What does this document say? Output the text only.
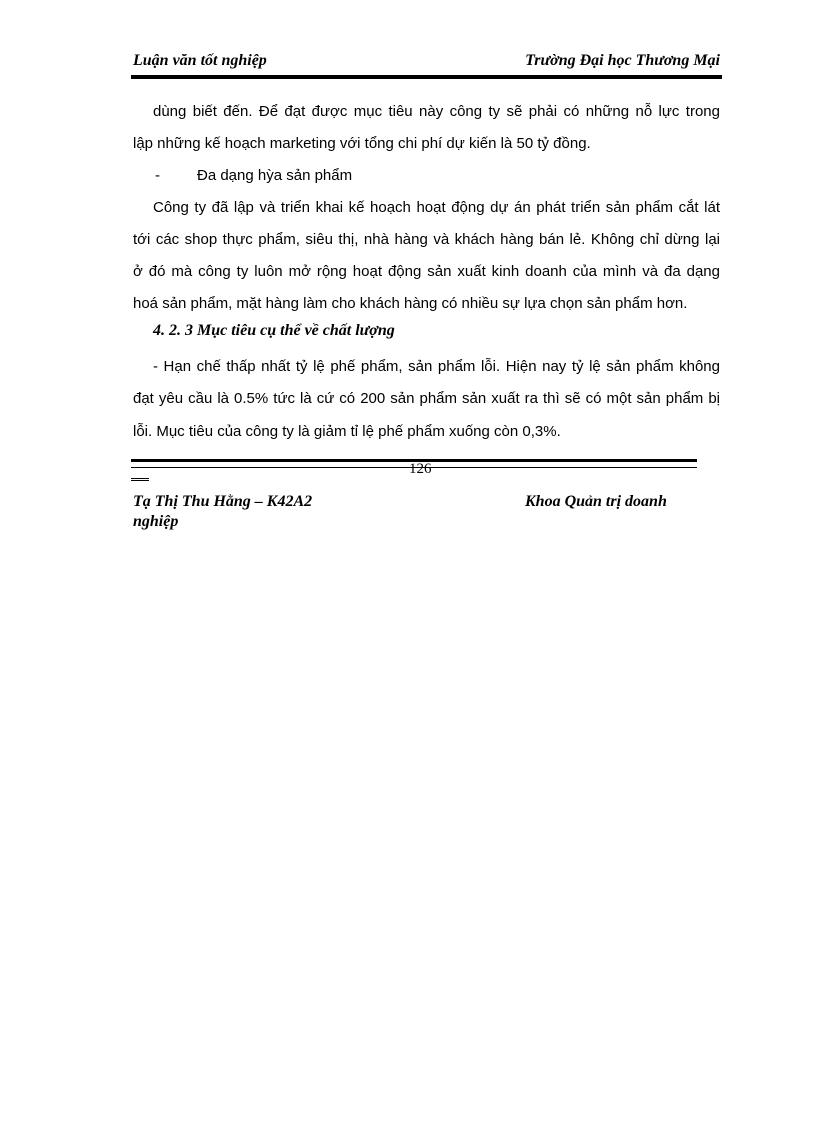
Luận văn tốt nghiệp	Trường Đại học Thương Mại
dùng biết đến. Để đạt được mục tiêu này công ty sẽ phải có những nỗ lực trong
lập những kế hoạch marketing với tổng chi phí dự kiến là 50 tỷ đồng.
- Đa dạng hỳa sản phẩm
Công ty đã lập và triển khai kế hoạch hoạt động dự án phát triển sản phẩm cắt lát
tới các shop thực phẩm, siêu thị, nhà hàng và khách hàng bán lẻ. Không chỉ dừng lại
ở đó mà công ty luôn mở rộng hoạt động sản xuất kinh doanh của mình và đa dạng
hoá sản phẩm, mặt hàng làm cho khách hàng có nhiều sự lựa chọn sản phẩm hơn.
- Hạn chế thấp nhất tỷ lệ phế phẩm, sản phẩm lỗi. Hiện nay tỷ lệ sản phẩm không
đạt yêu cầu là 0.5% tức là cứ có 200 sản phẩm sản xuất ra thì sẽ có một sản phẩm bị
lỗi. Mục tiêu của công ty là giảm tỉ lệ phế phẩm xuống còn 0,3%.
4. 2. 3 Mục tiêu cụ thể về chất lượng
126
Tạ Thị Thu Hằng – K42A2	Khoa Quản trị doanh
nghiệp
